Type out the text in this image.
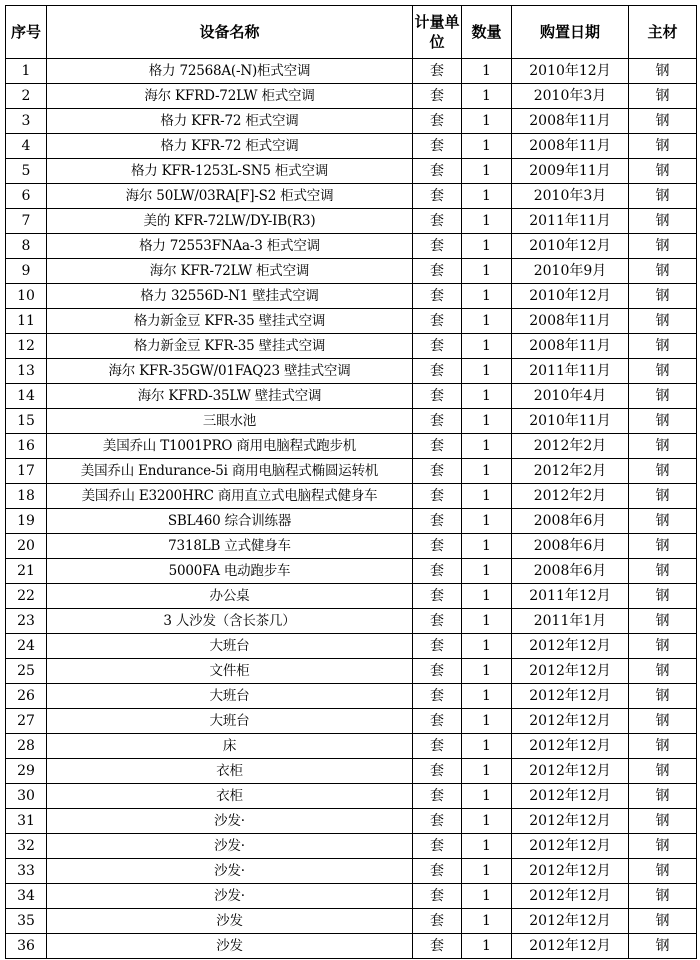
序号	设备名称	计量单位	数量	购置日期	主材
1	格力 72568A(-N)柜式空调	套	1	2010年12月	钢
2	海尔 KFRD-72LW 柜式空调	套	1	2010年3月	钢
3	格力 KFR-72 柜式空调	套	1	2008年11月	钢
4	格力 KFR-72 柜式空调	套	1	2008年11月	钢
5	格力 KFR-1253L-SN5 柜式空调	套	1	2009年11月	钢
6	海尔 50LW/03RA[F]-S2 柜式空调	套	1	2010年3月	钢
7	美的 KFR-72LW/DY-IB(R3)	套	1	2011年11月	钢
8	格力 72553FNAa-3 柜式空调	套	1	2010年12月	钢
9	海尔 KFR-72LW 柜式空调	套	1	2010年9月	钢
10	格力 32556D-N1 壁挂式空调	套	1	2010年12月	钢
11	格力新金豆 KFR-35 壁挂式空调	套	1	2008年11月	钢
12	格力新金豆 KFR-35 壁挂式空调	套	1	2008年11月	钢
13	海尔 KFR-35GW/01FAQ23 壁挂式空调	套	1	2011年11月	钢
14	海尔 KFRD-35LW 壁挂式空调	套	1	2010年4月	钢
15	三眼水池	套	1	2010年11月	钢
16	美国乔山 T1001PRO 商用电脑程式跑步机	套	1	2012年2月	钢
17	美国乔山 Endurance-5i 商用电脑程式椭圆运转机	套	1	2012年2月	钢
18	美国乔山 E3200HRC 商用直立式电脑程式健身车	套	1	2012年2月	钢
19	SBL460 综合训练器	套	1	2008年6月	钢
20	7318LB 立式健身车	套	1	2008年6月	钢
21	5000FA 电动跑步车	套	1	2008年6月	钢
22	办公桌	套	1	2011年12月	钢
23	3 人沙发（含长茶几）	套	1	2011年1月	钢
24	大班台	套	1	2012年12月	钢
25	文件柜	套	1	2012年12月	钢
26	大班台	套	1	2012年12月	钢
27	大班台	套	1	2012年12月	钢
28	床	套	1	2012年12月	钢
29	衣柜	套	1	2012年12月	钢
30	衣柜	套	1	2012年12月	钢
31	沙发·	套	1	2012年12月	钢
32	沙发·	套	1	2012年12月	钢
33	沙发·	套	1	2012年12月	钢
34	沙发·	套	1	2012年12月	钢
35	沙发	套	1	2012年12月	钢
36	沙发	套	1	2012年12月	钢
